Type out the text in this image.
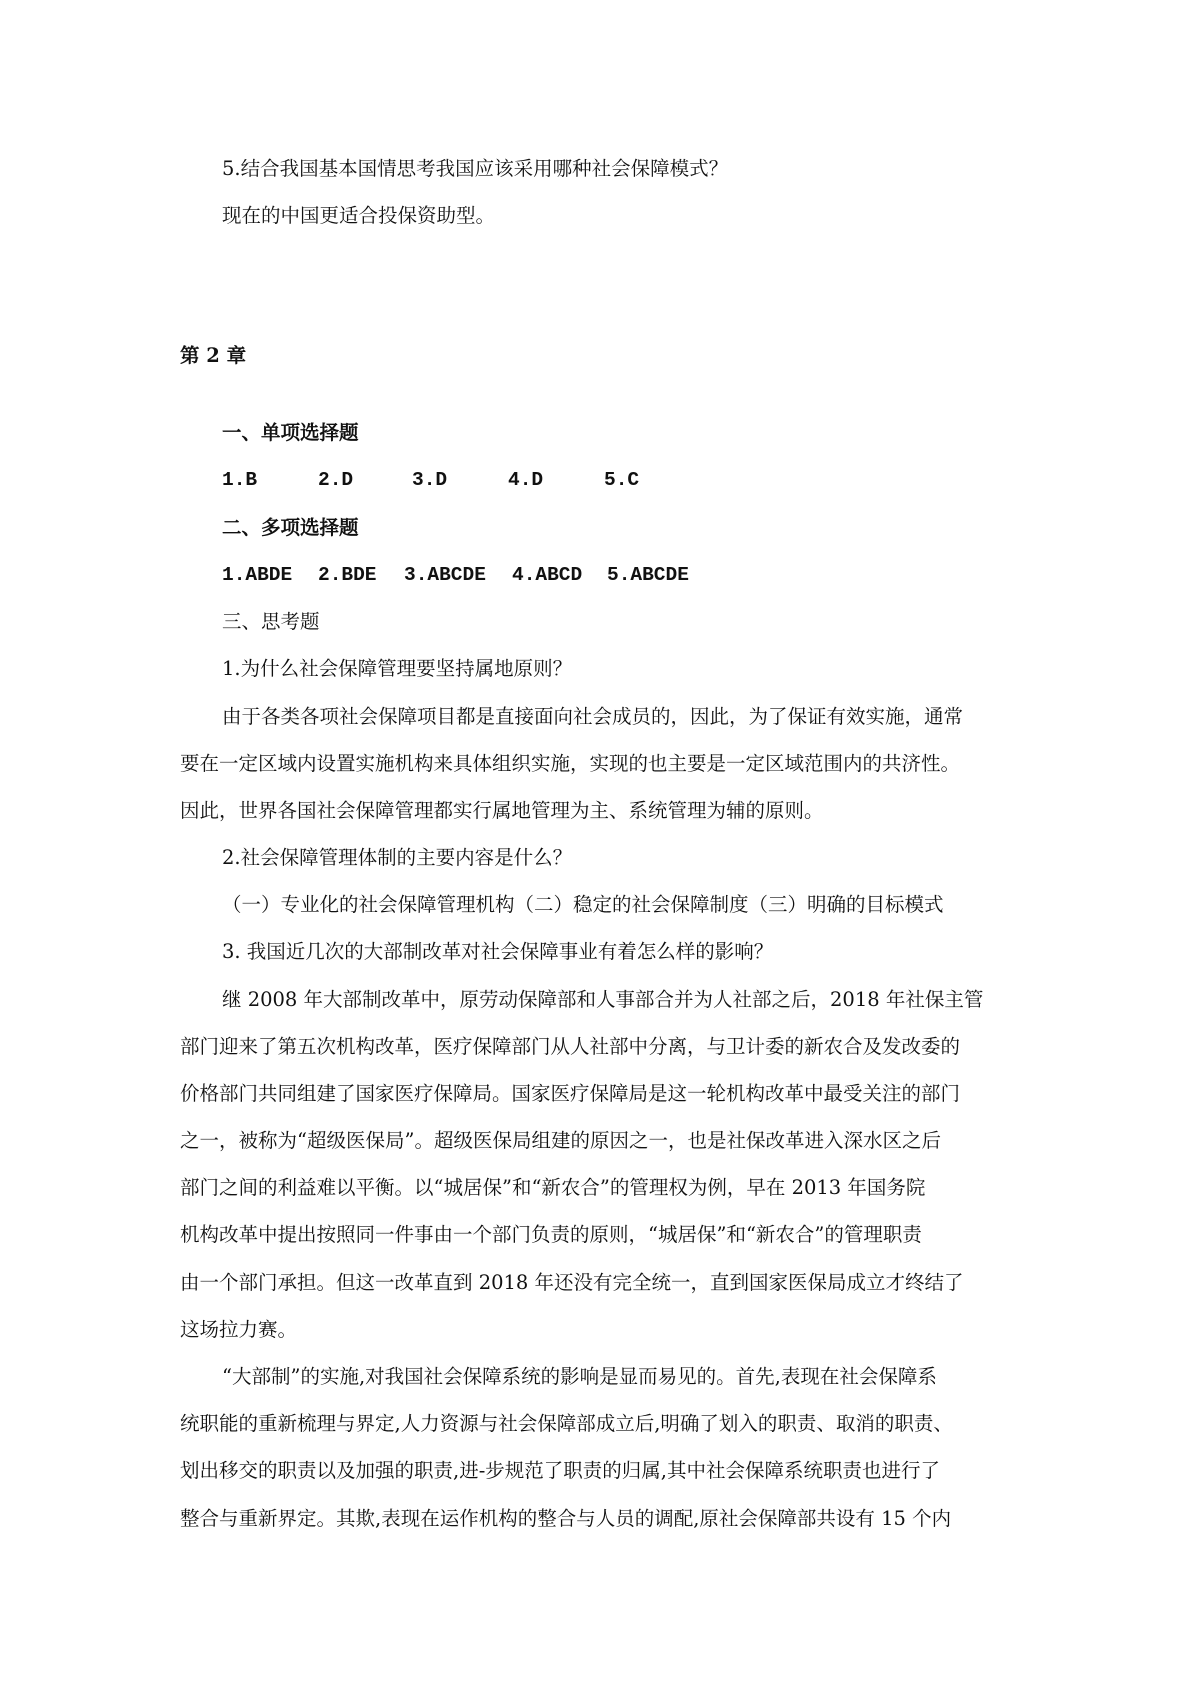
5.结合我国基本国情思考我国应该采用哪种社会保障模式？
现在的中国更适合投保资助型。
第 2 章
一、单项选择题
1.B	2.D	3.D	4.D	5.C
二、多项选择题
1.ABDE 2.BDE 3.ABCDE 4.ABCD 5.ABCDE
三、思考题
1.为什么社会保障管理要坚持属地原则？
由于各类各项社会保障项目都是直接面向社会成员的，因此，为了保证有效实施，通常
要在一定区域内设置实施机构来具体组织实施，实现的也主要是一定区域范围内的共济性。
因此，世界各国社会保障管理都实行属地管理为主、系统管理为辅的原则。
2.社会保障管理体制的主要内容是什么？
（一）专业化的社会保障管理机构（二）稳定的社会保障制度（三）明确的目标模式
3. 我国近几次的大部制改革对社会保障事业有着怎么样的影响？
继 2008 年大部制改革中，原劳动保障部和人事部合并为人社部之后，2018 年社保主管
部门迎来了第五次机构改革，医疗保障部门从人社部中分离，与卫计委的新农合及发改委的
价格部门共同组建了国家医疗保障局。国家医疗保障局是这一轮机构改革中最受关注的部门
之一，被称为“超级医保局”。超级医保局组建的原因之一，也是社保改革进入深水区之后
部门之间的利益难以平衡。以“城居保”和“新农合”的管理权为例，早在 2013 年国务院
机构改革中提出按照同一件事由一个部门负责的原则，“城居保”和“新农合”的管理职责
由一个部门承担。但这一改革直到 2018 年还没有完全统一，直到国家医保局成立才终结了
这场拉力赛。
“大部制”的实施,对我国社会保障系统的影响是显而易见的。首先,表现在社会保障系
统职能的重新梳理与界定,人力资源与社会保障部成立后,明确了划入的职责、取消的职责、
划出移交的职责以及加强的职责,进-步规范了职责的归属,其中社会保障系统职责也进行了
整合与重新界定。其欺,表现在运作机构的整合与人员的调配,原社会保障部共设有 15 个内
